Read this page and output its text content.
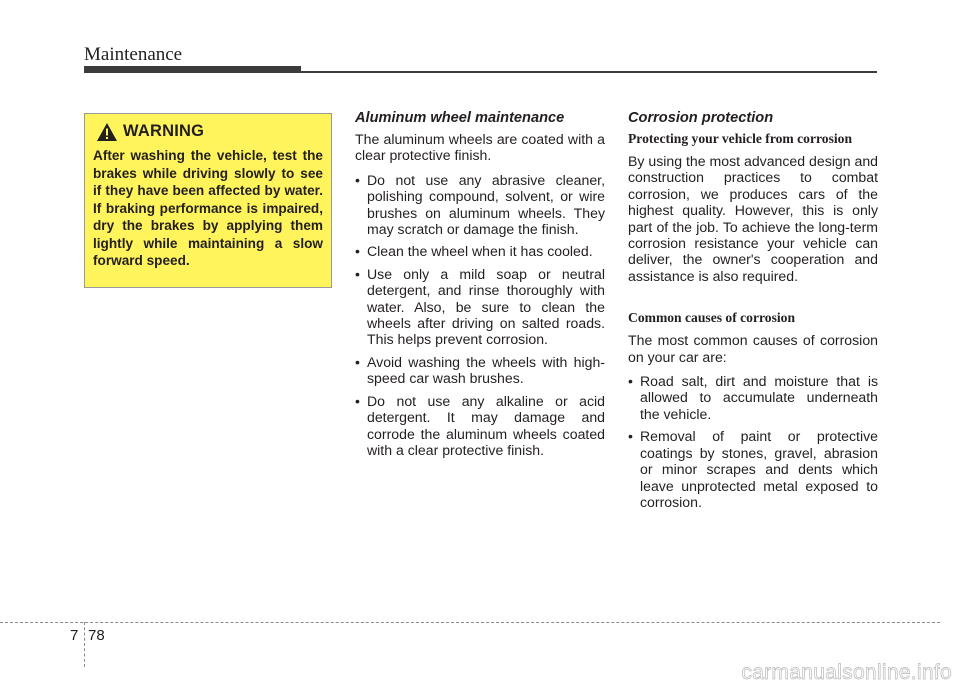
Maintenance
WARNING

After washing the vehicle, test the brakes while driving slowly to see if they have been affected by water. If braking performance is impaired, dry the brakes by applying them lightly while maintaining a slow forward speed.

Aluminum wheel maintenance

The aluminum wheels are coated with a clear protective finish.

• Do not use any abrasive cleaner, polishing compound, solvent, or wire brushes on aluminum wheels. They may scratch or damage the finish.
• Clean the wheel when it has cooled.
• Use only a mild soap or neutral detergent, and rinse thoroughly with water. Also, be sure to clean the wheels after driving on salted roads. This helps prevent corrosion.
• Avoid washing the wheels with high-speed car wash brushes.
• Do not use any alkaline or acid detergent. It may damage and corrode the aluminum wheels coated with a clear protective finish.
Corrosion protection
Protecting your vehicle from corrosion

By using the most advanced design and construction practices to combat corrosion, we produces cars of the highest quality. However, this is only part of the job. To achieve the long-term corrosion resistance your vehicle can deliver, the owner's cooperation and assistance is also required.

Common causes of corrosion

The most common causes of corrosion on your car are:

• Road salt, dirt and moisture that is allowed to accumulate underneath the vehicle.
• Removal of paint or protective coatings by stones, gravel, abrasion or minor scrapes and dents which leave unprotected metal exposed to corrosion.
7 78
carmanualsonline.info
